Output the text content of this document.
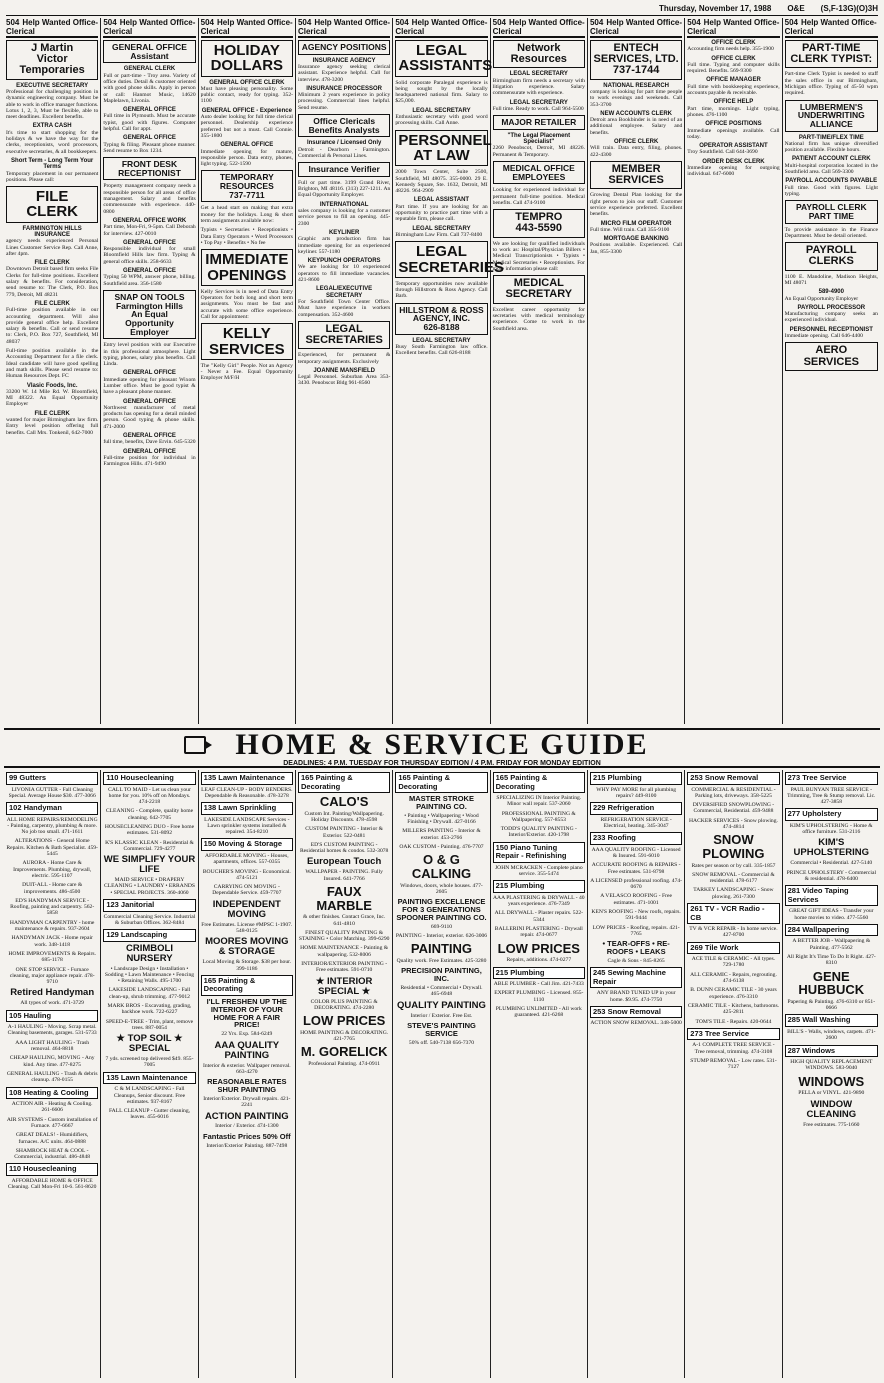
Thursday, November 17, 1988 O&E (S,F-13G)(O)3H
504 Help Wanted Office-Clerical
J Martin
Victor
Temporaries
EXECUTIVE SECRETARY
Professional for challenging position in dynamic engineering company. Must be able to work in office manager functions. Lotus 1, 2, 3, Must be flexible, able to meet deadlines. Excellent benefits.
EXTRA CASH
It's time to start shopping for the holidays & we have the way for the clerks, receptionists, word processors, executive secretaries, & all bookkeepers.
Short Term - Long Term Your Terms
Temporary placement in our permanent positions. Please call:
FILE
CLERK
FARMINGTON HILLS INSURANCE
agency needs experienced Personal Lines Customer Service Rep. Call Anne, after 4pm.
FILE CLERK
Downtown Detroit based firm seeks File Clerks for full-time positions. Excellent salary & benefits. For consideration, send resume to: The Clerk, P.O. Box 779, Detroit, MI 48231
FILE CLERK
Full-time position available in our accounting department. Will also provide general office help. Excellent salary & benefits. Call or send resume to: Clerk, P.O. Box 727, Southfield, MI 48037
Full-time position available in the Accounting Department for a file clerk. Ideal candidate will have good spelling and math skills. Please send resume to: Human Resources Dept. FC
Vlasic Foods, Inc.
33200 W. 14 Mile Rd. W. Bloomfield, MI 48322. An Equal Opportunity Employer
FILE CLERK
wanted for major Birmingham law firm. Entry level position offering full benefits. Call Mrs. Tonkenil, 642-7000
504 Help Wanted Office-Clerical
GENERAL OFFICE
Assistant
GENERAL CLERK
Full or part-time - Troy area. Variety of office duties. Detail & customer oriented with good phone skills. Apply in person or call: Hanmot Music, 14620 Maplelawn, Livonia.
GENERAL OFFICE
Full time in Plymouth. Must be accurate typist, good with figures. Computer helpful. Call for appt.
GENERAL OFFICE
Typing & filing. Pleasant phone manner. Send resume to Box 1234.
FRONT DESK
RECEPTIONIST
Property management company needs a responsible person for all areas of office management. Salary and benefits commensurate with experience. 440-0800
GENERAL OFFICE WORK
Part time, Mon-Fri, 9-5pm. Call Deborah for interview. 427-0010
GENERAL OFFICE
Responsible individual for small Bloomfield Hills law firm. Typing & general office skills. 258-6633
GENERAL OFFICE
Typing 50 WPM, answer phone, billing. Southfield area. 356-1580
SNAP ON TOOLS
Farmington Hills
An Equal Opportunity Employer
Entry level position with our Executive in this professional atmosphere. Light typing, phones, salary plus benefits. Call Linda.
GENERAL OFFICE
Immediate opening for pleasant Wixom Lumber office. Must be good typist & have a pleasant phone manner.
GENERAL OFFICE
Northwest manufacturer of metal products has opening for a detail minded person. Good typing & phone skills. 471-2000
GENERAL OFFICE
full time, benefits, Dave Ervin. 645-5320
GENERAL OFFICE
Full-time position for individual in Farmington Hills. 471-9490
504 Help Wanted Office-Clerical
HOLIDAY
DOLLARS
GENERAL OFFICE CLERK
Must have pleasing personality. Some public contact, ready for typing. 352-1100
GENERAL OFFICE - Experience
Auto dealer looking for full time clerical personnel. Dealership experience preferred but not a must. Call Connie. 355-1800
GENERAL OFFICE
Immediate opening for mature, responsible person. Data entry, phones, light typing. 522-1590
TEMPORARY
RESOURCES
737-7711
Get a head start on making that extra money for the holidays. Long & short term assignments available now:
Typists • Secretaries • Receptionists • Data Entry Operators • Word Processors • Top Pay • Benefits • No fee
IMMEDIATE
OPENINGS
Kelly Services is in need of Data Entry Operators for both long and short term assignments. You must be fast and accurate with some office experience. Call for appointment:
KELLY
SERVICES
The "Kelly Girl" People. Not an Agency - Never a Fee. Equal Opportunity Employer M/F/H
504 Help Wanted Office-Clerical
AGENCY POSITIONS
INSURANCE AGENCY
Insurance agency seeking clerical assistant. Experience helpful. Call for interview. 478-3200
INSURANCE PROCESSOR
Minimum 2 years experience in policy processing. Commercial lines helpful. Send resume.
Office Clericals
Benefits Analysts
Insurance / Licensed Only
Detroit - Dearborn - Farmington. Commercial & Personal Lines.
Insurance Verifier
Full or part time. 3199 Grand River, Brighton, MI 48116. (313) 227-1211. An Equal Opportunity Employer.
INTERNATIONAL
sales company is looking for a customer service person to fill an opening. 445-2300
KEYLINER
Graphic arts production firm has immediate opening for an experienced keyliner. 557-1180
KEYPUNCH OPERATORS
We are looking for 10 experienced operators to fill immediate vacancies. 421-8600
LEGAL/EXECUTIVE SECRETARY
For Southfield Town Center Office. Must have experience in workers compensation. 352-4600
LEGAL
SECRETARIES
Experienced, for permanent & temporary assignments. Exclusively
JOANNE MANSFIELD
Legal Personnel. Suburban Area 353-3430. Penobscot Bldg 961-8560
504 Help Wanted Office-Clerical
LEGAL
ASSISTANTS
Solid corporate Paralegal experience is being sought by the locally headquartered national firm. Salary to $25,000.
LEGAL SECRETARY
Enthusiastic secretary with good word processing skills. Call Anne.
PERSONNEL
AT LAW
2000 Town Center, Suite 2500, Southfield, MI 48075. 355-0000. 29 E. Kennedy Square, Ste. 1632, Detroit, MI 48226. 964-2909
LEGAL ASSISTANT
Part time. If you are looking for an opportunity to practice part time with a reputable firm, please call.
LEGAL SECRETARY
Birmingham Law Firm. Call 737-8400
LEGAL
SECRETARIES
Temporary opportunities now available through Hillstrom & Ross Agency. Call Barb.
HILLSTROM & ROSS
AGENCY, INC.
626-8188
LEGAL SECRETARY
Busy South Farmington law office. Excellent benefits. Call 626-8188
504 Help Wanted Office-Clerical
Network
Resources
LEGAL SECRETARY
Birmingham firm needs a secretary with litigation experience. Salary commensurate with experience.
LEGAL SECRETARY
Full time. Ready to work. Call 964-5500
MAJOR RETAILER
"The Legal Placement Specialist"
2260 Penobscot, Detroit, MI 48226. Permanent & Temporary.
MEDICAL OFFICE
EMPLOYEES
Looking for experienced individual for permanent full-time position. Medical benefits. Call 474-9100
TEMPRO
443-5590
We are looking for qualified individuals to work as: Hospital/Physician Billers • Medical Transcriptionists • Typists • Medical Secretaries • Receptionists. For more information please call:
MEDICAL
SECRETARY
Excellent career opportunity for secretaries with medical terminology experience. Come to work in the Southfield area.
504 Help Wanted Office-Clerical
ENTECH
SERVICES, LTD.
737-1744
NATIONAL RESEARCH
company is looking for part time people to work evenings and weekends. Call 353-3700
NEW ACCOUNTS CLERK
Detroit area Bookbinder is in need of an additional employee. Salary and benefits.
OFFICE CLERK
Will train. Data entry, filing, phones. 422-4300
MEMBER
SERVICES
Growing Dental Plan looking for the right person to join our staff. Customer service experience preferred. Excellent benefits.
MICRO FILM OPERATOR
Full time. Will train. Call 355-9100
MORTGAGE BANKING
Positions available. Experienced. Call Jan, 855-3300
504 Help Wanted Office-Clerical
OFFICE CLERK
Accounting firm needs help. 355-1900
OFFICE CLERK
Full time. Typing and computer skills required. Benefits. 569-9300
OFFICE MANAGER
Full time with bookkeeping experience, accounts payable & receivable.
OFFICE HELP
Part time, mornings. Light typing, phones. 476-1100
OFFICE POSITIONS
Immediate openings available. Call today.
OPERATOR ASSISTANT
Troy Southfield. Call 644-3690
ORDER DESK CLERK
Immediate opening for outgoing individual. 647-6000
504 Help Wanted Office-Clerical
PART-TIME
CLERK TYPIST:
Part-time Clerk Typist is needed to staff the sales office in our Birmingham, Michigan office. Typing of 45-50 wpm required.
LUMBERMEN'S
UNDERWRITING
ALLIANCE
PART-TIME/FLEX TIME
National firm has unique diversified position available. Flexible hours.
PATIENT ACCOUNT CLERK
Multi-hospital corporation located in the Southfield area. Call 569-3300
PAYROLL ACCOUNTS PAYABLE
Full time. Good with figures. Light typing.
PAYROLL CLERK
PART TIME
To provide assistance in the Finance Department. Must be detail oriented.
PAYROLL
CLERKS
1100 E. Mandoline, Madison Heights, MI 48071
589-4900
An Equal Opportunity Employer
PAYROLL PROCESSOR
Manufacturing company seeks an experienced individual.
PERSONNEL RECEPTIONIST
Immediate opening. Call 646-4400
AERO SERVICES
HOME & SERVICE GUIDE
DEADLINES: 4 P.M. TUESDAY FOR THURSDAY EDITION / 4 P.M. FRIDAY FOR MONDAY EDITION
99 Gutters
LIVONIA GUTTER - Fall Cleaning Special. Average House $30. 477-3066
102 Handyman
ALL HOME REPAIRS/REMODELING - Painting, carpentry, plumbing & more. No job too small. 471-1611
ALTERATIONS - General Home Repairs. Kitchen & Bath Specialist. 459-5445
AURORA - Home Care & Improvements. Plumbing, drywall, electric. 595-1107
DUIT-ALL - Home care & improvements. 486-4500
ED'S HANDYMAN SERVICE - Roofing, painting and carpentry. 562-5858
HANDYMAN CARPENTRY - home maintenance & repairs. 937-2604
HANDYMAN JACK - Home repair work. 348-1418
HOME IMPROVEMENTS & Repairs. 685-1178
ONE STOP SERVICE - Furnace cleaning, major appliance repair. 478-9710
Retired Handyman
All types of work. 471-3729
105 Hauling
A-1 HAULING - Moving. Scrap metal. Cleaning basements, garages. 531-5733
AAA LIGHT HAULING - Trash removal. 464-8818
CHEAP HAULING, MOVING - Any kind. Any time. 477-8275
GENERAL HAULING - Trash & debris cleanup. 478-0155
108 Heating & Cooling
ACTION AIR - Heating & Cooling. 261-6606
AIR SYSTEMS - Custom installation of Furnace. 477-6667
GREAT DEALS! - Humidifiers, furnaces. A/C units. 464-0888
SHAMROCK HEAT & COOL - Commercial, industrial. 486-4848
110 Housecleaning
AFFORDABLE HOME & OFFICE Cleaning. Call Mon-Fri 10-6. 561-8620
110 Housecleaning
CALL TO MAID - Let us clean your home for you. 10% off on Mondays. 474-2218
CLEANING - Complete, quality home cleaning. 642-7705
HOUSECLEANING DUO - Free home estimates. 531-8092
K'S KLASSIC KLEAN - Residential & Commercial. 729-4277
WE SIMPLIFY YOUR LIFE
MAID SERVICE • DRAPERY CLEANING • LAUNDRY • ERRANDS • SPECIAL PROJECTS. 360-4060
123 Janitorial
Commercial Cleaning Service. Industrial & Suburban Offices. 362-8484
129 Landscaping
CRIMBOLI NURSERY
• Landscape Design • Installation • Sodding • Lawn Maintenance • Fencing • Retaining Walls. 495-1700
LAKESIDE LANDSCAPING - Fall clean-up, shrub trimming. 477-9012
MARK BROS - Excavating, grading, backhoe work. 722-6227
SPEED-E-TREE - Trim, plant, remove trees. 887-0054
★ TOP SOIL ★ SPECIAL
7 yds. screened top delivered $49. 855-7005
135 Lawn Maintenance
C & M LANDSCAPING - Fall Cleanups, Senior discount. Free estimates. 937-8167
FALL CLEANUP - Gutter cleaning, leaves. 455-6016
135 Lawn Maintenance
LEAF CLEAN-UP - BODY BENDERS. Dependable & Reasonable. 478-3278
138 Lawn Sprinkling
LAKESIDE LANDSCAPE Services - Lawn sprinkler systems installed & repaired. 354-8210
150 Moving & Storage
AFFORDABLE MOVING - Houses, apartments, offices. 557-0355
BOUCHER'S MOVING - Economical. 474-5121
CARRYING ON MOVING - Dependable Service. 459-7707
INDEPENDENT MOVING
Free Estimates. License #MPSC 1-1907. 548-0125
MOORES MOVING & STORAGE
Local Moving & Storage. $38 per hour. 399-1186
165 Painting & Decorating
I'LL FRESHEN UP THE INTERIOR OF YOUR HOME FOR A FAIR PRICE!
22 Yrs. Exp. 584-6249
AAA QUALITY PAINTING
Interior & exterior. Wallpaper removal. 663-4270
REASONABLE RATES SHUR PAINTING
Interior/Exterior. Drywall repairs. 421-2241
ACTION PAINTING
Interior / Exterior. 474-1300
Fantastic Prices 50% Off
Interior/Exterior Painting. 887-7498
165 Painting & Decorating
CALO'S
Custom Int. Painting/Wallpapering. Holiday Discounts. 478-4598
CUSTOM PAINTING - Interior & Exterior. 522-0481
ED'S CUSTOM PAINTING - Residential homes & condos. 532-3078
European Touch
WALLPAPER - PAINTING. Fully Insured. 641-7766
FAUX MARBLE
& other finishes. Contact Grace, Inc. 641-4810
FINEST QUALITY PAINTING & STAINING • Color Matching. 399-6290
HOME MAINTENANCE - Painting & wallpapering. 532-8006
INTERIOR/EXTERIOR PAINTING - Free estimates. 591-0710
★ INTERIOR SPECIAL ★
COLOR PLUS PAINTING & DECORATING. 474-2280
LOW PRICES
HOME PAINTING & DECORATING. 421-7765
M. GORELICK
Professional Painting. 474-0911
165 Painting & Decorating
MASTER STROKE PAINTING CO.
• Painting • Wallpapering • Wood Finishing • Drywall. 427-0166
MILLERS PAINTING - Interior & exterior. 453-2766
OAK CUSTOM - Painting. 476-7707
O & G CALKING
Windows, doors, whole houses. 477-2605
PAINTING EXCELLENCE FOR 3 GENERATIONS SPOONER PAINTING CO.
669-9110
PAINTING - Interior, exterior. 626-3006
PAINTING
Quality work. Free Estimates. 425-3280
PRECISION PAINTING, INC.
Residential • Commercial • Drywall. 465-6948
QUALITY PAINTING
Interior / Exterior. Free Est.
STEVE'S PAINTING SERVICE
50% off. 540-7138 656-7370
165 Painting & Decorating
SPECIALIZING IN Interior Painting. Minor wall repair. 537-2060
PROFESSIONAL PAINTING & Wallpapering. 557-8553
TODD'S QUALITY PAINTING - Interior/Exterior. 420-1798
150 Piano Tuning Repair - Refinishing
JOHN MCRACKEN - Complete piano service. 355-5474
215 Plumbing
AAA PLASTERING & DRYWALL - 40 years experience. 476-7349
ALL DRYWALL - Plaster repairs. 522-5344
BALLERINI PLASTERING - Drywall repair. 474-0677
LOW PRICES
Repairs, additions. 474-0277
215 Plumbing
ABLE PLUMBER - Call Jim. 421-7433
EXPERT PLUMBING - Licensed. 855-1110
PLUMBING UNLIMITED - All work guaranteed. 421-6268
215 Plumbing
WHY PAY MORE for all plumbing repairs? 449-8100
229 Refrigeration
REFRIGERATION SERVICE - Electrical, heating. 345-3047
233 Roofing
AAA QUALITY ROOFING - Licensed & Insured. 591-6010
ACCURATE ROOFING & REPAIRS - Free estimates. 531-8798
A LICENSED professional roofing. 474-0670
A VELASCO ROOFING - Free estimates. 471-1001
KEN'S ROOFING - New roofs, repairs. 591-9444
LOW PRICES - Roofing, repairs. 421-7765
• TEAR-OFFS • RE-ROOFS • LEAKS
Cagle & Sons - 845-8265
245 Sewing Machine Repair
ANY BRAND TUNED UP in your home. $9.95. 474-7750
253 Snow Removal
ACTION SNOW REMOVAL. 348-5000
253 Snow Removal
COMMERCIAL & RESIDENTIAL - Parking lots, driveways. 358-5225
DIVERSIFIED SNOWPLOWING - Commercial, Residential. 459-9488
HACKER SERVICES - Snow plowing. 474-4814
SNOW PLOWING
Rates per season or by call. 335-1857
SNOW REMOVAL - Commercial & residential. 478-6177
TARKEY LANDSCAPING - Snow plowing. 261-7300
261 TV - VCR Radio - CB
TV & VCR REPAIR - In home service. 427-8700
269 Tile Work
ACE TILE & CERAMIC - All types. 729-1780
ALL CERAMIC - Repairs, regrouting. 474-6138
B. DUNN CERAMIC TILE - 30 years experience. 476-3310
CERAMIC TILE - Kitchens, bathrooms. 425-2811
TOM'S TILE - Repairs. 420-0644
273 Tree Service
A-1 COMPLETE TREE SERVICE - Tree removal, trimming. 474-3108
STUMP REMOVAL - Low rates. 531-7127
273 Tree Service
PAUL BUNYAN TREE SERVICE - Trimming, Tree & Stump removal. Lic. 427-3858
277 Upholstery
KIM'S UPHOLSTERING - Home & office furniture. 531-2116
KIM'S UPHOLSTERING
Commercial • Residential. 427-5140
PRINCE UPHOLSTERY - Commercial & residential. 478-6400
281 Video Taping Services
GREAT GIFT IDEAS - Transfer your home movies to video. 477-5560
284 Wallpapering
A BETTER JOB - Wallpapering & Painting. 477-5562
All Right It's Time To Do It Right. 427-8310
GENE HUBBUCK
Papering & Painting. 476-6310 or 851-0666
285 Wall Washing
BILL'S - Walls, windows, carpets. 471-2600
287 Windows
HIGH QUALITY REPLACEMENT WINDOWS. 583-9040
WINDOWS
PELLA or VINYL. 421-9890
WINDOW CLEANING
Free estimates. 775-1660
